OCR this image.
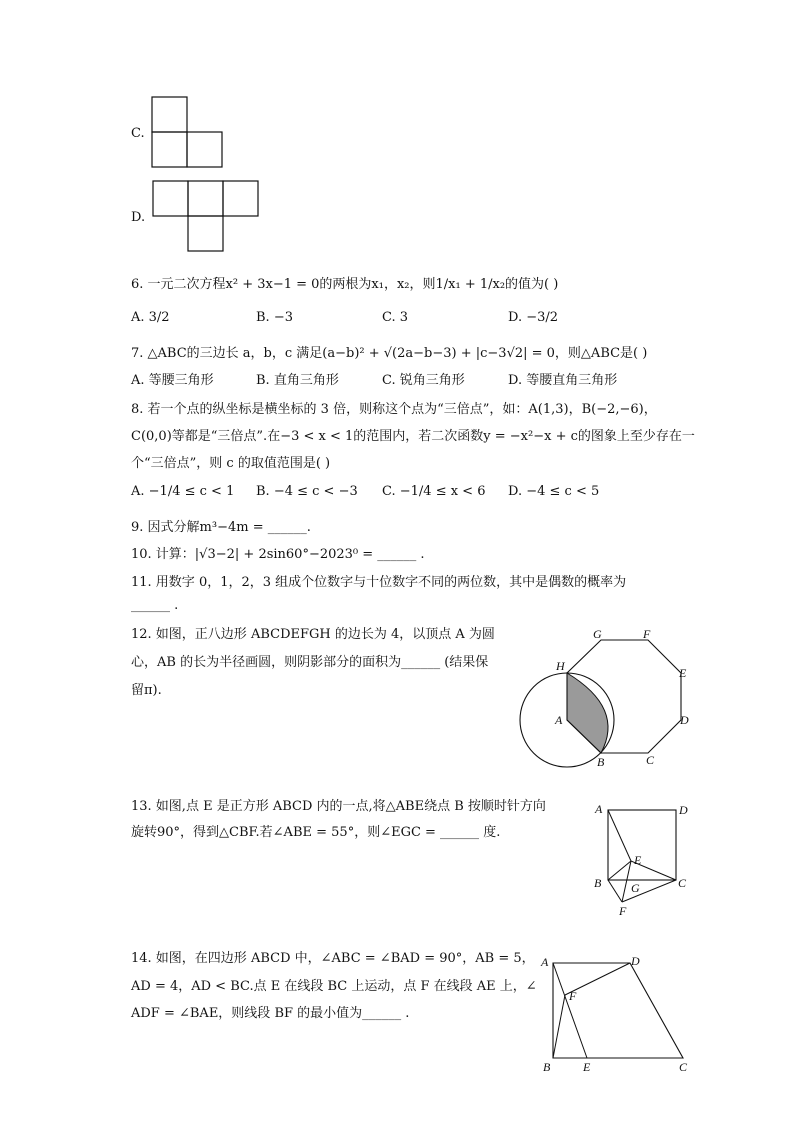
C.
D.
6. 一元二次方程x² + 3x−1 = 0的两根为x₁，x₂，则1/x₁ + 1/x₂的值为( )
A. 3/2	B. −3	C. 3	D. −3/2
7. △ABC的三边长 a，b，c 满足(a−b)² + √(2a−b−3) + |c−3√2| = 0，则△ABC是( )
A. 等腰三角形	B. 直角三角形	C. 锐角三角形	D. 等腰直角三角形
8. 若一个点的纵坐标是横坐标的 3 倍，则称这个点为“三倍点”，如：A(1,3)，B(−2,−6)，
C(0,0)等都是“三倍点”.在−3 < x < 1的范围内，若二次函数y = −x²−x + c的图象上至少存在一
个“三倍点”，则 c 的取值范围是( )
A. −1/4 ≤ c < 1 B. −4 ≤ c < −3 C. −1/4 ≤ x < 6 D. −4 ≤ c < 5
9. 因式分解m³−4m = ______.
10. 计算：|√3−2| + 2sin60°−2023⁰ = ______ .
11. 用数字 0，1，2，3 组成个位数字与十位数字不同的两位数，其中是偶数的概率为
______ .
12. 如图，正八边形 ABCDEFGH 的边长为 4，以顶点 A 为圆
心，AB 的长为半径画圆，则阴影部分的面积为______ (结果保
留π).
A
B	C
D
E
F
G
H
13. 如图,点 E 是正方形 ABCD 内的一点,将△ABE绕点 B 按顺时针方向
旋转90°，得到△CBF.若∠ABE = 55°，则∠EGC = ______ 度.
A	D
B	C
E
G
F
14. 如图，在四边形 ABCD 中，∠ABC = ∠BAD = 90°，AB = 5，
AD = 4，AD < BC.点 E 在线段 BC 上运动，点 F 在线段 AE 上，∠
ADF = ∠BAE，则线段 BF 的最小值为______ .
A	D
F
B	E	C
